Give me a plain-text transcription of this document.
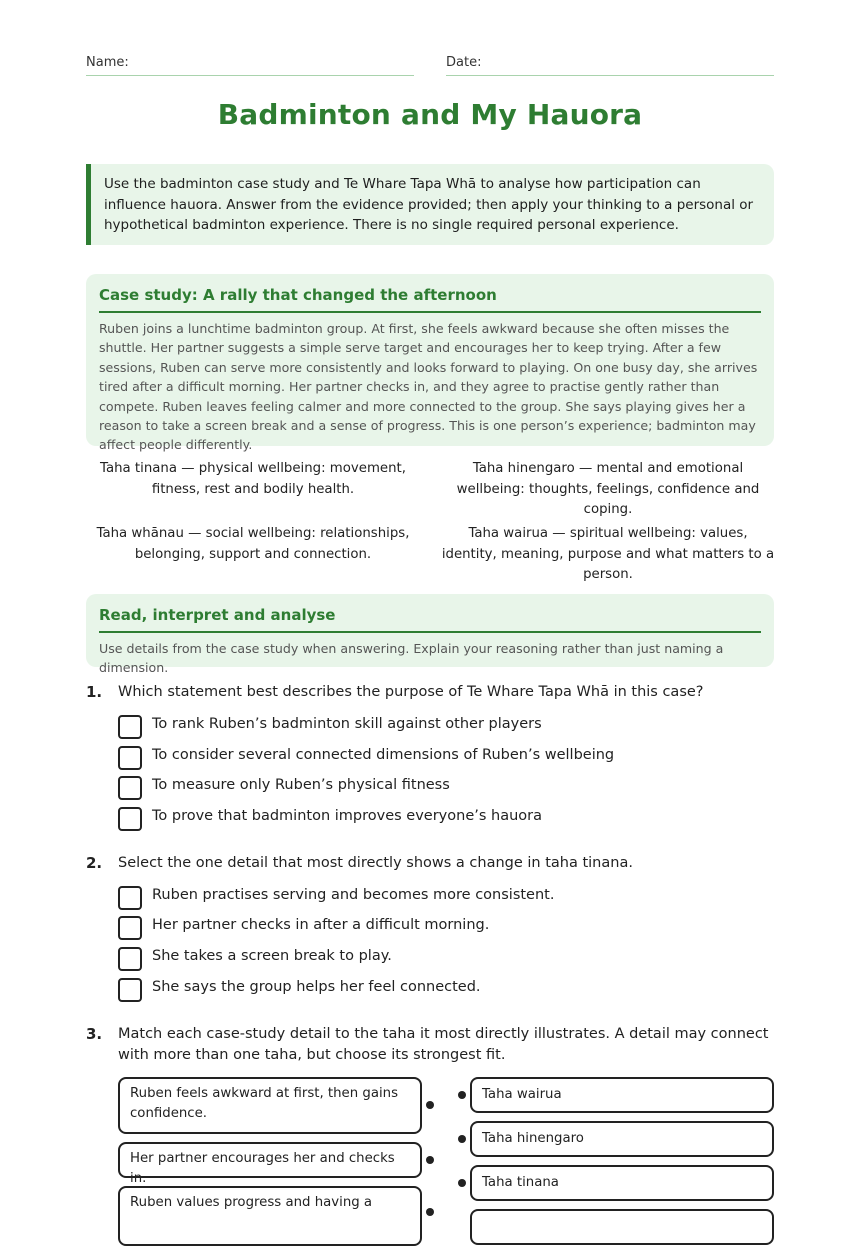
Name:	Date:
Badminton and My Hauora
Use the badminton case study and Te Whare Tapa Whā to analyse how participation can influence hauora. Answer from the evidence provided; then apply your thinking to a personal or hypothetical badminton experience. There is no single required personal experience.
Case study: A rally that changed the afternoon

Ruben joins a lunchtime badminton group. At first, she feels awkward because she often misses the shuttle. Her partner suggests a simple serve target and encourages her to keep trying. After a few sessions, Ruben can serve more consistently and looks forward to playing. On one busy day, she arrives tired after a difficult morning. Her partner checks in, and they agree to practise gently rather than compete. Ruben leaves feeling calmer and more connected to the group. She says playing gives her a reason to take a screen break and a sense of progress. This is one person’s experience; badminton may affect people differently.

Taha tinana — physical wellbeing: movement, fitness, rest and bodily health.
Taha hinengaro — mental and emotional wellbeing: thoughts, feelings, confidence and coping.
Taha whānau — social wellbeing: relationships, belonging, support and connection.
Taha wairua — spiritual wellbeing: values, identity, meaning, purpose and what matters to a person.
Read, interpret and analyse

Use details from the case study when answering. Explain your reasoning rather than just naming a dimension.

1. Which statement best describes the purpose of Te Whare Tapa Whā in this case?
To rank Ruben’s badminton skill against other players
To consider several connected dimensions of Ruben’s wellbeing
To measure only Ruben’s physical fitness
To prove that badminton improves everyone’s hauora
2. Select the one detail that most directly shows a change in taha tinana.
Ruben practises serving and becomes more consistent.
Her partner checks in after a difficult morning.
She takes a screen break to play.
She says the group helps her feel connected.
3. Match each case-study detail to the taha it most directly illustrates. A detail may connect with more than one taha, but choose its strongest fit.
Ruben feels awkward at first, then gains confidence.
Her partner encourages her and checks in.
Ruben values progress and having a
Taha wairua
Taha hinengaro
Taha tinana
